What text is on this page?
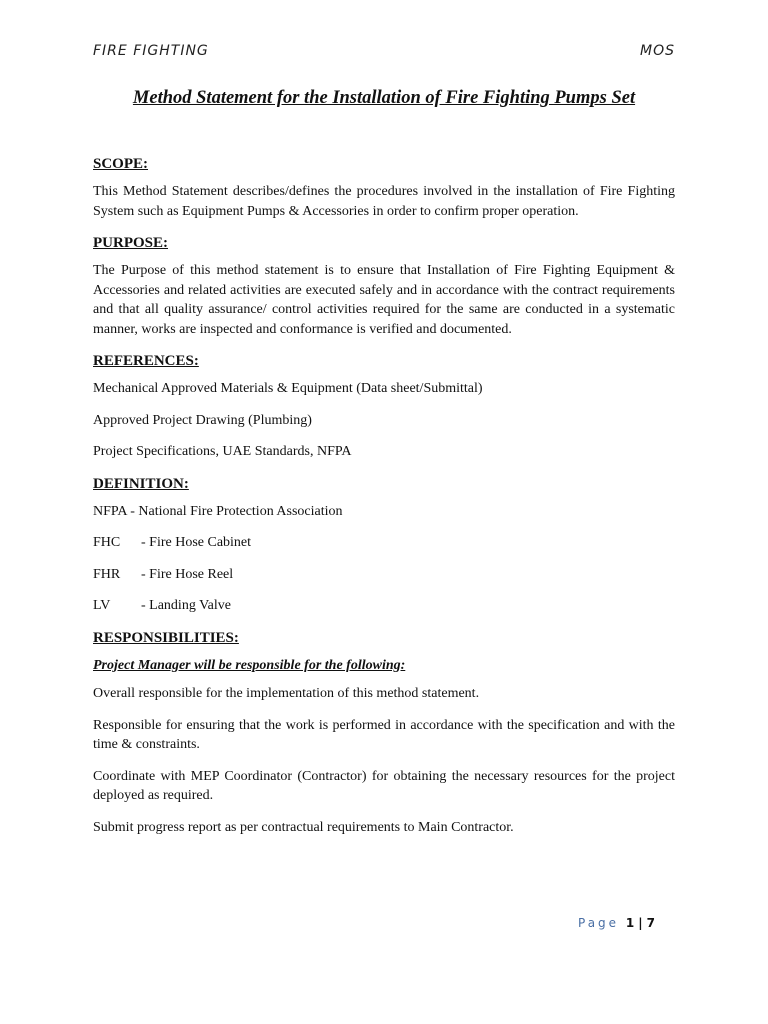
FIRE FIGHTING	MOS
Method Statement for the Installation of Fire Fighting Pumps Set
SCOPE:

This Method Statement describes/defines the procedures involved in the installation of Fire Fighting System such as Equipment Pumps & Accessories in order to confirm proper operation.

PURPOSE:

The Purpose of this method statement is to ensure that Installation of Fire Fighting Equipment & Accessories and related activities are executed safely and in accordance with the contract requirements and that all quality assurance/ control activities required for the same are conducted in a systematic manner, works are inspected and conformance is verified and documented.

REFERENCES:

Mechanical Approved Materials & Equipment (Data sheet/Submittal)

Approved Project Drawing (Plumbing)

Project Specifications, UAE Standards, NFPA

DEFINITION:

NFPA - National Fire Protection Association

FHC	- Fire Hose Cabinet
FHR	- Fire Hose Reel
LV	- Landing Valve
RESPONSIBILITIES:

Project Manager will be responsible for the following:

Overall responsible for the implementation of this method statement.

Responsible for ensuring that the work is performed in accordance with the specification and with the time & constraints.

Coordinate with MEP Coordinator (Contractor) for obtaining the necessary resources for the project deployed as required.

Submit progress report as per contractual requirements to Main Contractor.

Page 1 | 7
